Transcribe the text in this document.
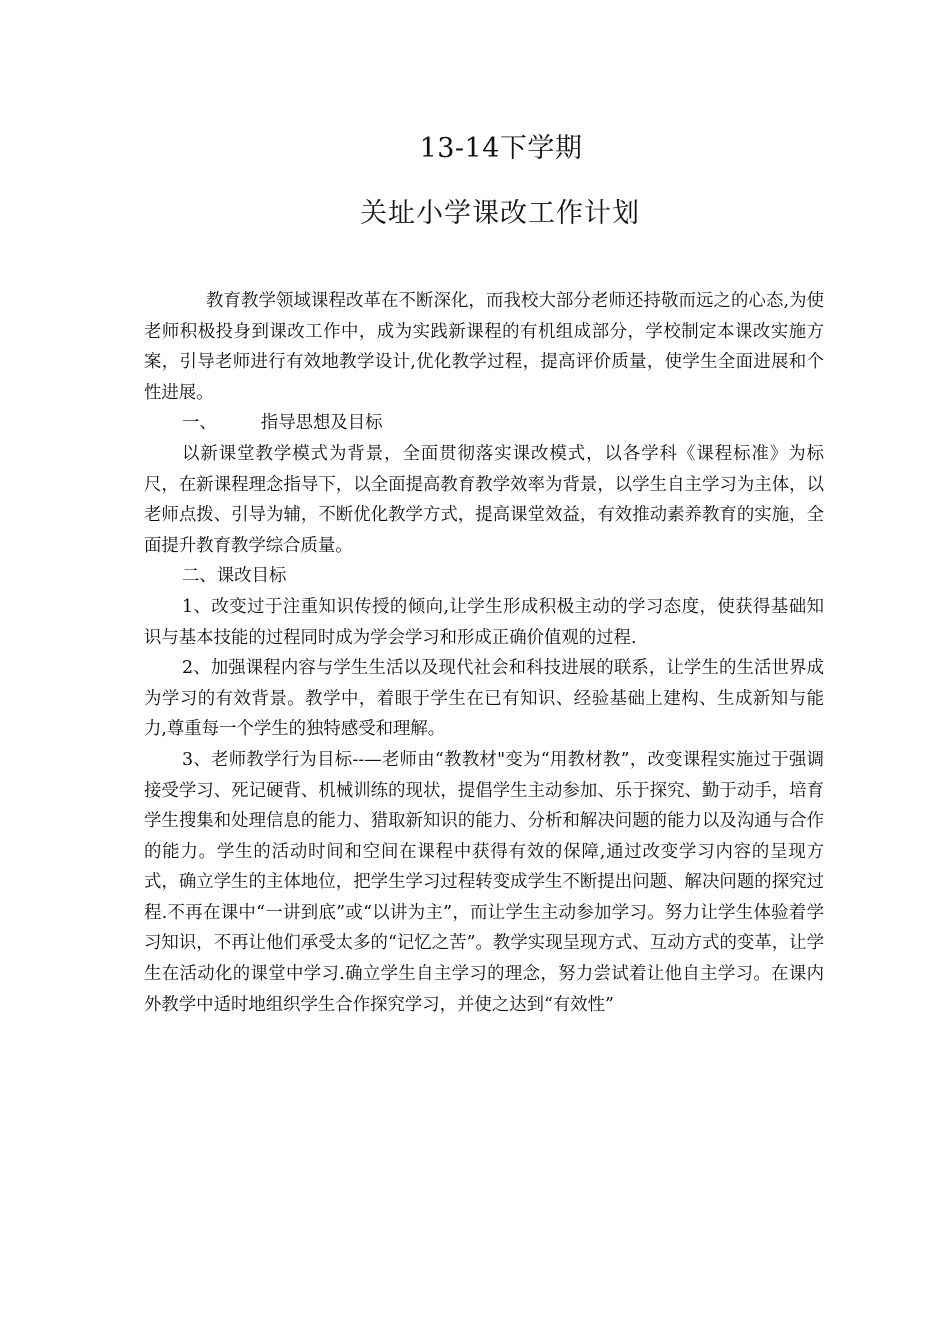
13-14下学期
关址小学课改工作计划

教育教学领域课程改革在不断深化，而我校大部分老师还持敬而远之的心态,为使老师积极投身到课改工作中，成为实践新课程的有机组成部分，学校制定本课改实施方案，引导老师进行有效地教学设计,优化教学过程，提高评价质量，使学生全面进展和个性进展。

一、	指导思想及目标

以新课堂教学模式为背景，全面贯彻落实课改模式，以各学科《课程标准》为标尺，在新课程理念指导下，以全面提高教育教学效率为背景，以学生自主学习为主体，以老师点拨、引导为辅，不断优化教学方式，提高课堂效益，有效推动素养教育的实施，全面提升教育教学综合质量。

二、课改目标

1、改变过于注重知识传授的倾向,让学生形成积极主动的学习态度，使获得基础知识与基本技能的过程同时成为学会学习和形成正确价值观的过程.

2、加强课程内容与学生生活以及现代社会和科技进展的联系，让学生的生活世界成为学习的有效背景。教学中，着眼于学生在已有知识、经验基础上建构、生成新知与能力,尊重每一个学生的独特感受和理解。

3、老师教学行为目标--—老师由“教教材"变为“用教材教”，改变课程实施过于强调接受学习、死记硬背、机械训练的现状，提倡学生主动参加、乐于探究、勤于动手，培育学生搜集和处理信息的能力、猎取新知识的能力、分析和解决问题的能力以及沟通与合作的能力。学生的活动时间和空间在课程中获得有效的保障,通过改变学习内容的呈现方式，确立学生的主体地位，把学生学习过程转变成学生不断提出问题、解决问题的探究过程.不再在课中“一讲到底”或“以讲为主”，而让学生主动参加学习。努力让学生体验着学习知识，不再让他们承受太多的“记忆之苦”。教学实现呈现方式、互动方式的变革，让学生在活动化的课堂中学习.确立学生自主学习的理念，努力尝试着让他自主学习。在课内外教学中适时地组织学生合作探究学习，并使之达到“有效性”
